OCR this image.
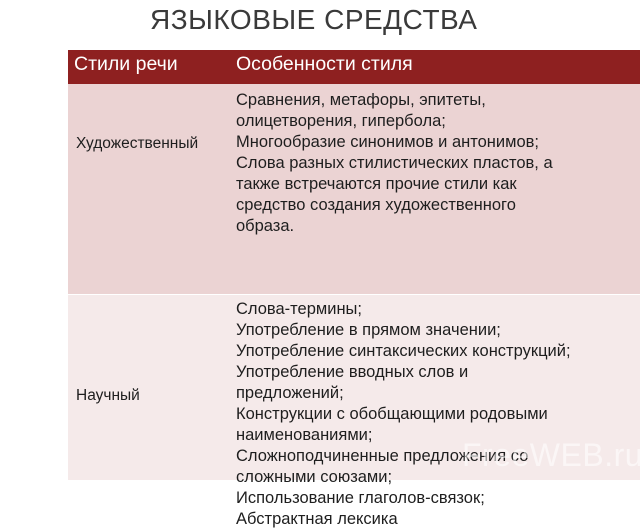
ЯЗЫКОВЫЕ СРЕДСТВА
Стили речи	Особенности стиля
Художественный
Сравнения, метафоры, эпитеты,
олицетворения, гипербола;
Многообразие синонимов и антонимов;
Слова разных стилистических пластов, а
также встречаются прочие стили как
средство создания художественного
образа.
Научный
Слова-термины;
Употребление в прямом значении;
Употребление синтаксических конструкций;
Употребление вводных слов и
предложений;
Конструкции с обобщающими родовыми
наименованиями;
Сложноподчиненные предложения со
сложными союзами;
Использование глаголов-связок;
Абстрактная лексика
FreeWEB.ru
